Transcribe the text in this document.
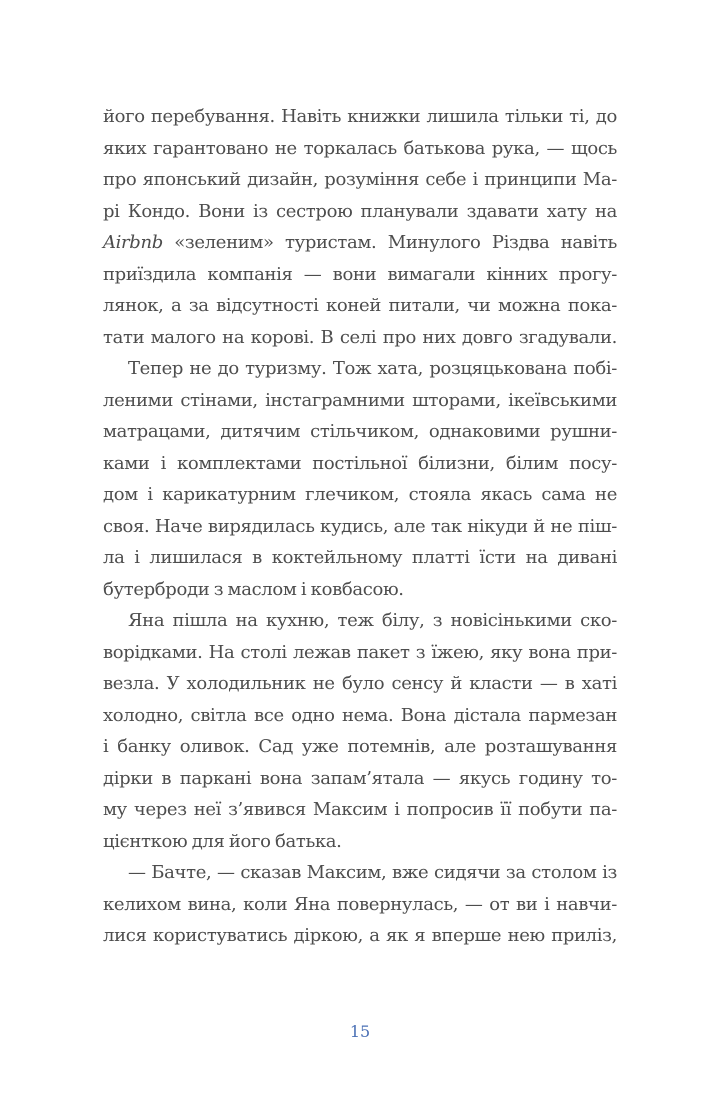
його перебування. Навіть книжки лишила тільки ті, до
яких гарантовано не торкалась батькова рука, — щось
про японський дизайн, розуміння себе і принципи Ма-
рі Кондо. Вони із сестрою планували здавати хату на
Airbnb «зеленим» туристам. Минулого Різдва навіть
приїздила компанія — вони вимагали кінних прогу-
лянок, а за відсутності коней питали, чи можна пока-
тати малого на корові. В селі про них довго згадували.
Тепер не до туризму. Тож хата, розцяцькована побі-
леними стінами, інстаграмними шторами, ікеївськими
матрацами, дитячим стільчиком, однаковими рушни-
ками і комплектами постільної білизни, білим посу-
дом і карикатурним глечиком, стояла якась сама не
своя. Наче вирядилась кудись, але так нікуди й не піш-
ла і лишилася в коктейльному платті їсти на дивані
бутерброди з маслом і ковбасою.
Яна пішла на кухню, теж білу, з новісінькими ско-
ворідками. На столі лежав пакет з їжею, яку вона при-
везла. У холодильник не було сенсу й класти — в хаті
холодно, світла все одно нема. Вона дістала пармезан
і банку оливок. Сад уже потемнів, але розташування
дірки в паркані вона запам’ятала — якусь годину то-
му через неї з’явився Максим і попросив її побути па-
цієнткою для його батька.
— Бачте, — сказав Максим, вже сидячи за столом із
келихом вина, коли Яна повернулась, — от ви і навчи-
лися користуватись діркою, а як я вперше нею приліз,
15
